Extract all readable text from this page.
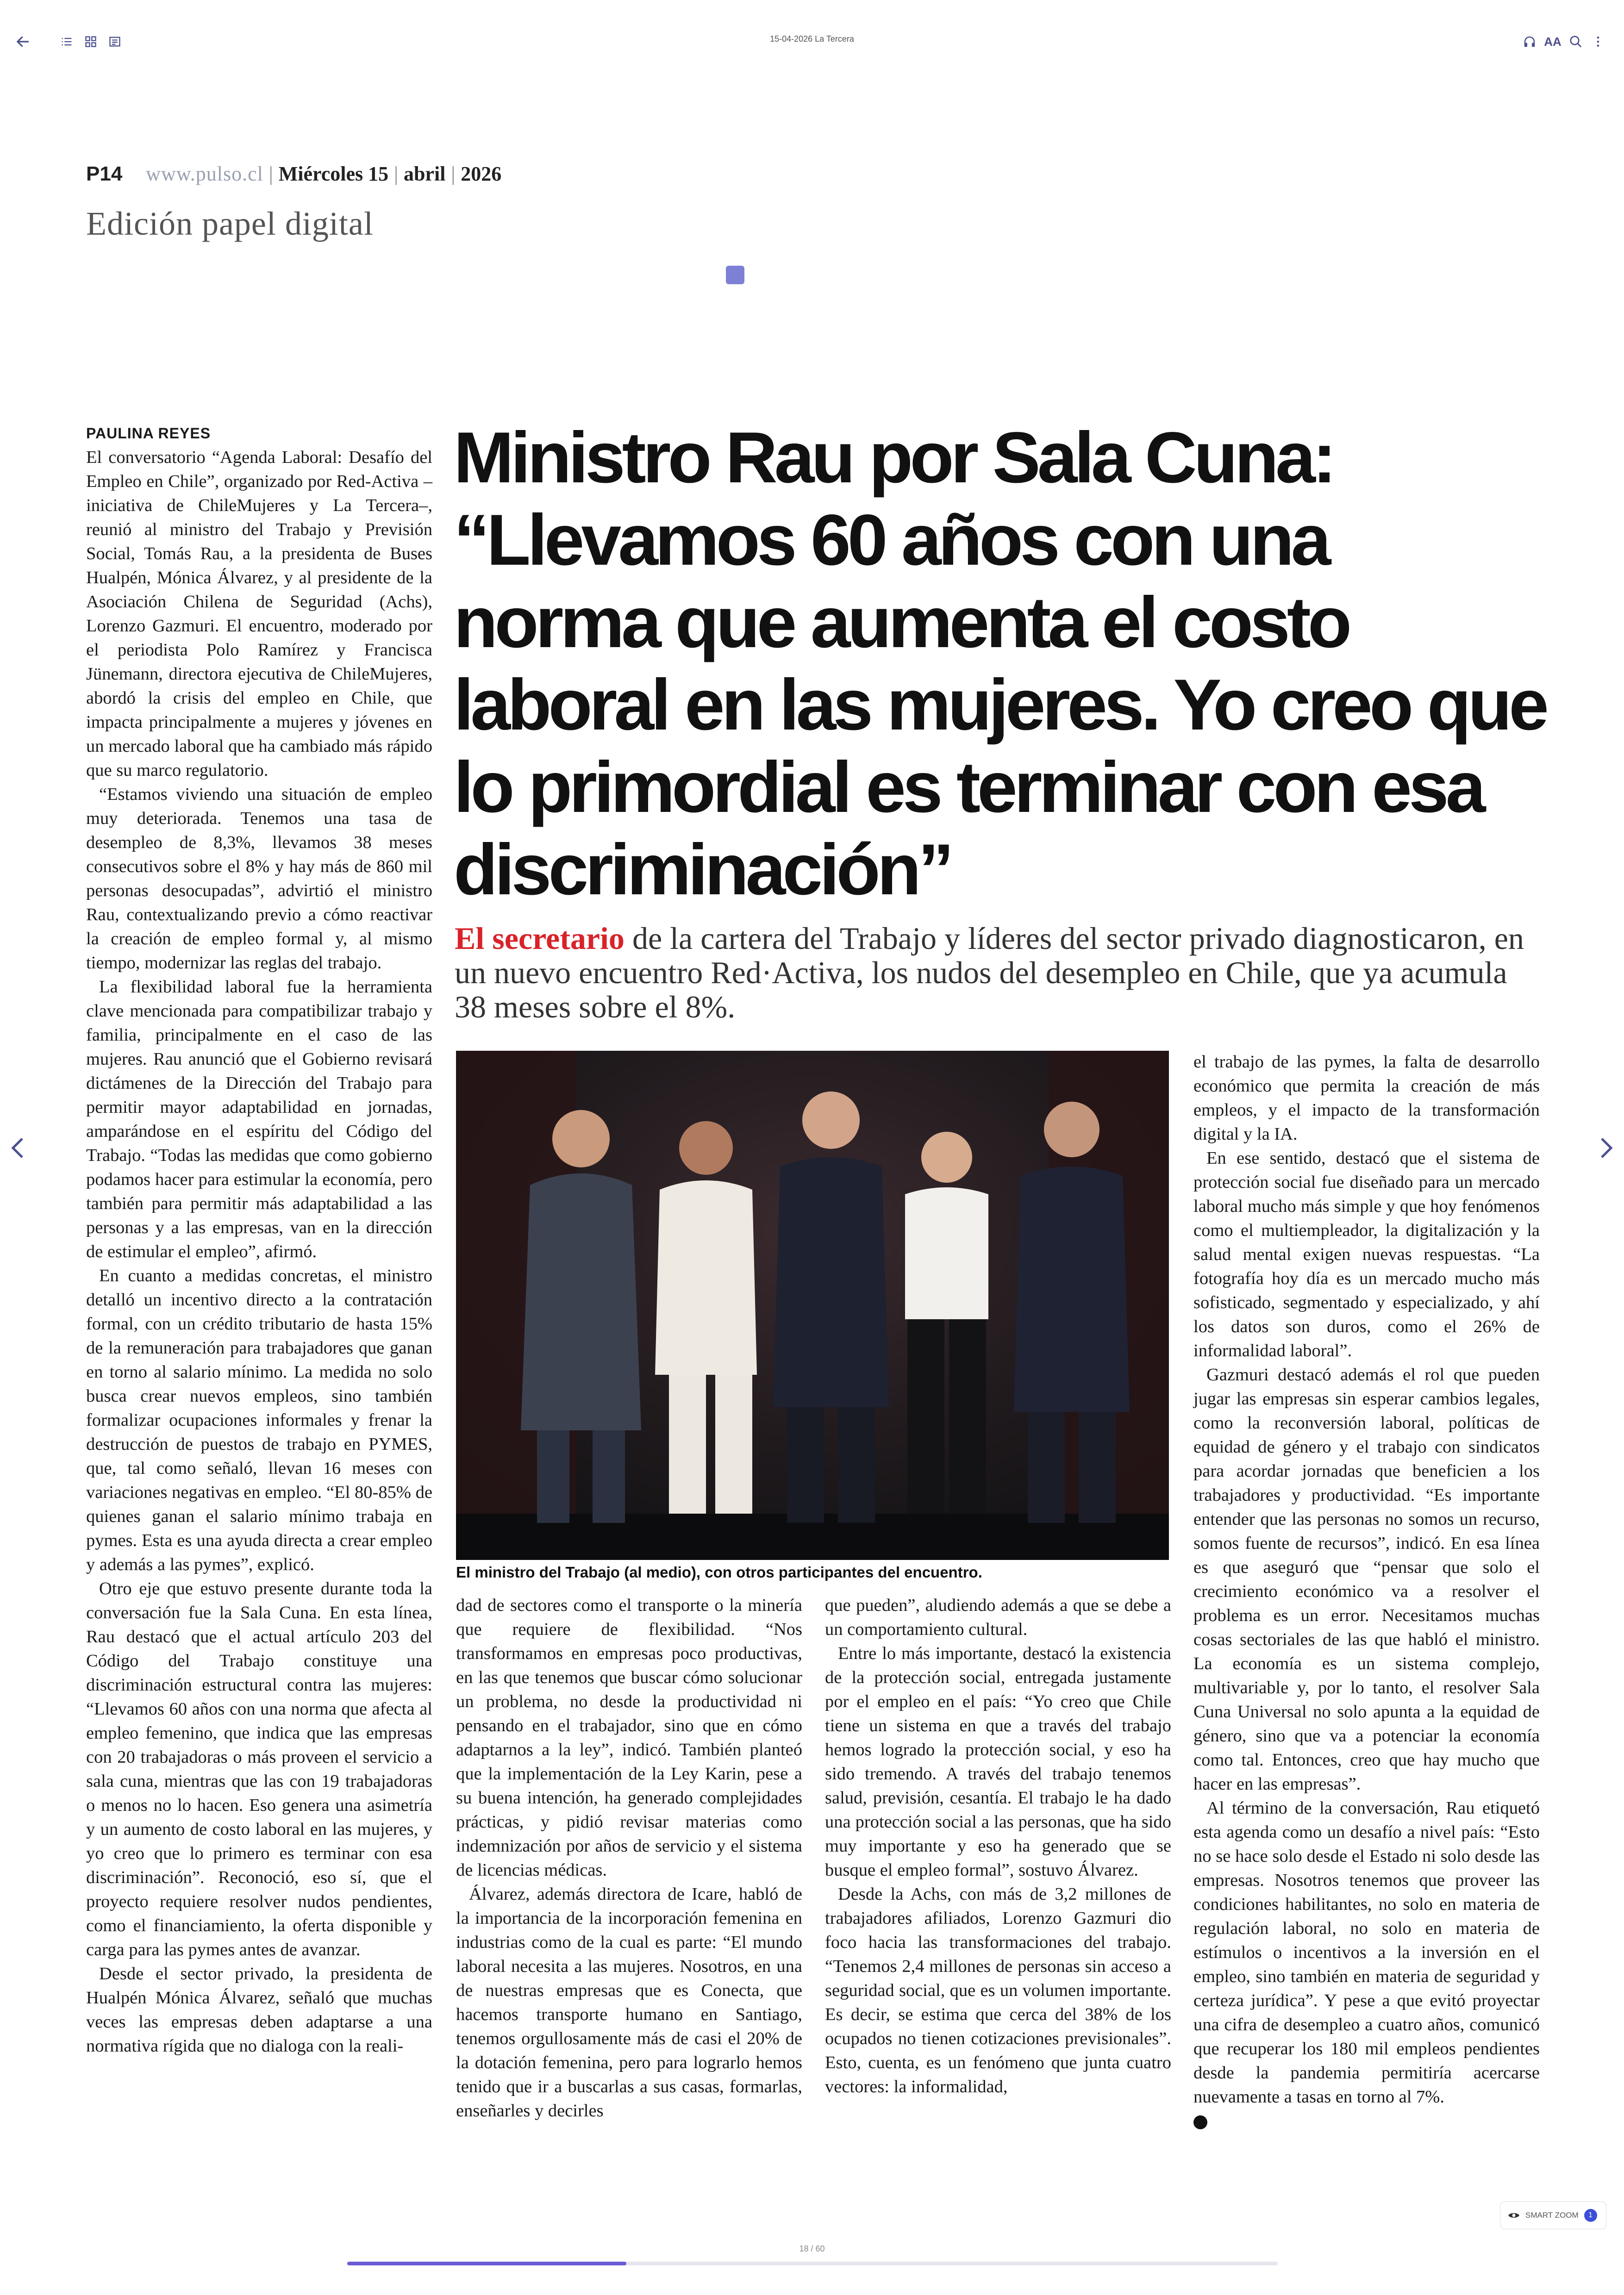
15-04-2026 La Tercera	AA
P14 www.pulso.cl | Miércoles 15 | abril | 2026
Edición papel digital
PAULINA REYES

El conversatorio “Agenda Laboral: Desafío del Empleo en Chile”, organizado por Red-Activa –iniciativa de ChileMujeres y La Tercera–, reunió al ministro del Trabajo y Previsión Social, Tomás Rau, a la presidenta de Buses Hualpén, Mónica Álvarez, y al presidente de la Asociación Chilena de Seguridad (Achs), Lorenzo Gazmuri. El encuentro, moderado por el periodista Polo Ramírez y Francisca Jünemann, directora ejecutiva de ChileMujeres, abordó la crisis del empleo en Chile, que impacta principalmente a mujeres y jóvenes en un mercado laboral que ha cambiado más rápido que su marco regulatorio.

“Estamos viviendo una situación de empleo muy deteriorada. Tenemos una tasa de desempleo de 8,3%, llevamos 38 meses consecutivos sobre el 8% y hay más de 860 mil personas desocupadas”, advirtió el ministro Rau, contextualizando previo a cómo reactivar la creación de empleo formal y, al mismo tiempo, modernizar las reglas del trabajo.

La flexibilidad laboral fue la herramienta clave mencionada para compatibilizar trabajo y familia, principalmente en el caso de las mujeres. Rau anunció que el Gobierno revisará dictámenes de la Dirección del Trabajo para permitir mayor adaptabilidad en jornadas, amparándose en el espíritu del Código del Trabajo. “Todas las medidas que como gobierno podamos hacer para estimular la economía, pero también para permitir más adaptabilidad a las personas y a las empresas, van en la dirección de estimular el empleo”, afirmó.

En cuanto a medidas concretas, el ministro detalló un incentivo directo a la contratación formal, con un crédito tributario de hasta 15% de la remuneración para trabajadores que ganan en torno al salario mínimo. La medida no solo busca crear nuevos empleos, sino también formalizar ocupaciones informales y frenar la destrucción de puestos de trabajo en PYMES, que, tal como señaló, llevan 16 meses con variaciones negativas en empleo. “El 80-85% de quienes ganan el salario mínimo trabaja en pymes. Esta es una ayuda directa a crear empleo y además a las pymes”, explicó.

Otro eje que estuvo presente durante toda la conversación fue la Sala Cuna. En esta línea, Rau destacó que el actual artículo 203 del Código del Trabajo constituye una discriminación estructural contra las mujeres: “Llevamos 60 años con una norma que afecta al empleo femenino, que indica que las empresas con 20 trabajadoras o más proveen el servicio a sala cuna, mientras que las con 19 trabajadoras o menos no lo hacen. Eso genera una asimetría y un aumento de costo laboral en las mujeres, y yo creo que lo primero es terminar con esa discriminación”. Reconoció, eso sí, que el proyecto requiere resolver nudos pendientes, como el financiamiento, la oferta disponible y carga para las pymes antes de avanzar.

Desde el sector privado, la presidenta de Hualpén Mónica Álvarez, señaló que muchas veces las empresas deben adaptarse a una normativa rígida que no dialoga con la reali-

Ministro Rau por Sala Cuna: “Llevamos 60 años con una norma que aumenta el costo laboral en las mujeres. Yo creo que lo primordial es terminar con esa discriminación”
El secretario de la cartera del Trabajo y líderes del sector privado diagnosticaron, en un nuevo encuentro Red·Activa, los nudos del desempleo en Chile, que ya acumula 38 meses sobre el 8%.
El ministro del Trabajo (al medio), con otros participantes del encuentro.

dad de sectores como el transporte o la minería que requiere de flexibilidad. “Nos transformamos en empresas poco productivas, en las que tenemos que buscar cómo solucionar un problema, no desde la productividad ni pensando en el trabajador, sino que en cómo adaptarnos a la ley”, indicó. También planteó que la implementación de la Ley Karin, pese a su buena intención, ha generado complejidades prácticas, y pidió revisar materias como indemnización por años de servicio y el sistema de licencias médicas.

Álvarez, además directora de Icare, habló de la importancia de la incorporación femenina en industrias como de la cual es parte: “El mundo laboral necesita a las mujeres. Nosotros, en una de nuestras empresas que es Conecta, que hacemos transporte humano en Santiago, tenemos orgullosamente más de casi el 20% de la dotación femenina, pero para lograrlo hemos tenido que ir a buscarlas a sus casas, formarlas, enseñarles y decirles

que pueden”, aludiendo además a que se debe a un comportamiento cultural.

Entre lo más importante, destacó la existencia de la protección social, entregada justamente por el empleo en el país: “Yo creo que Chile tiene un sistema en que a través del trabajo hemos logrado la protección social, y eso ha sido tremendo. A través del trabajo tenemos salud, previsión, cesantía. El trabajo le ha dado una protección social a las personas, que ha sido muy importante y eso ha generado que se busque el empleo formal”, sostuvo Álvarez.

Desde la Achs, con más de 3,2 millones de trabajadores afiliados, Lorenzo Gazmuri dio foco hacia las transformaciones del trabajo. “Tenemos 2,4 millones de personas sin acceso a seguridad social, que es un volumen importante. Es decir, se estima que cerca del 38% de los ocupados no tienen cotizaciones previsionales”. Esto, cuenta, es un fenómeno que junta cuatro vectores: la informalidad,

el trabajo de las pymes, la falta de desarrollo económico que permita la creación de más empleos, y el impacto de la transformación digital y la IA.

En ese sentido, destacó que el sistema de protección social fue diseñado para un mercado laboral mucho más simple y que hoy fenómenos como el multiempleador, la digitalización y la salud mental exigen nuevas respuestas. “La fotografía hoy día es un mercado mucho más sofisticado, segmentado y especializado, y ahí los datos son duros, como el 26% de informalidad laboral”.

Gazmuri destacó además el rol que pueden jugar las empresas sin esperar cambios legales, como la reconversión laboral, políticas de equidad de género y el trabajo con sindicatos para acordar jornadas que beneficien a los trabajadores y productividad. “Es importante entender que las personas no somos un recurso, somos fuente de recursos”, indicó. En esa línea es que aseguró que “pensar que solo el crecimiento económico va a resolver el problema es un error. Necesitamos muchas cosas sectoriales de las que habló el ministro. La economía es un sistema complejo, multivariable y, por lo tanto, el resolver Sala Cuna Universal no solo apunta a la equidad de género, sino que va a potenciar la economía como tal. Entonces, creo que hay mucho que hacer en las empresas”.

Al término de la conversación, Rau etiquetó esta agenda como un desafío a nivel país: “Esto no se hace solo desde el Estado ni solo desde las empresas. Nosotros tenemos que proveer las condiciones habilitantes, no solo en materia de regulación laboral, no solo en materia de estímulos o incentivos a la inversión en el empleo, sino también en materia de seguridad y certeza jurídica”. Y pese a que evitó proyectar una cifra de desempleo a cuatro años, comunicó que recuperar los 180 mil empleos pendientes desde la pandemia permitiría acercarse nuevamente a tasas en torno al 7%.

SMART ZOOM	1
18 / 60
